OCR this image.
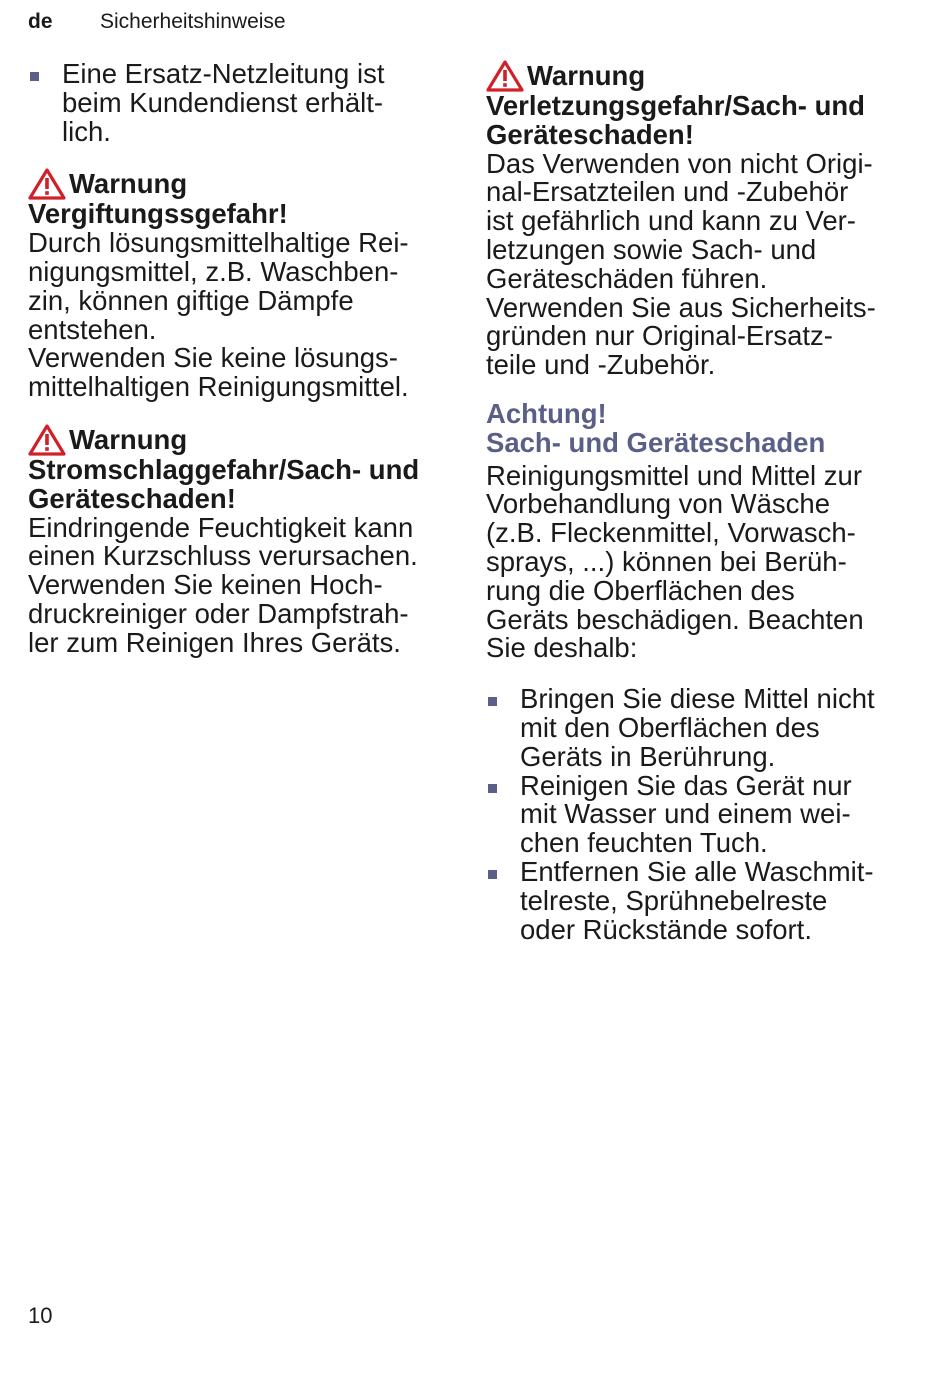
de	Sicherheitshinweise
Eine Ersatz-Netzleitung ist
beim Kundendienst erhält-
lich.
Warnung
Vergiftungssgefahr!
Durch lösungsmittelhaltige Rei-
nigungsmittel, z.B. Waschben-
zin, können giftige Dämpfe
entstehen.
Verwenden Sie keine lösungs-
mittelhaltigen Reinigungsmittel.
Warnung
Stromschlaggefahr/Sach- und
Geräteschaden!
Eindringende Feuchtigkeit kann
einen Kurzschluss verursachen.
Verwenden Sie keinen Hoch-
druckreiniger oder Dampfstrah-
ler zum Reinigen Ihres Geräts.
Warnung
Verletzungsgefahr/Sach- und
Geräteschaden!
Das Verwenden von nicht Origi-
nal-Ersatzteilen und -Zubehör
ist gefährlich und kann zu Ver-
letzungen sowie Sach- und
Geräteschäden führen.
Verwenden Sie aus Sicherheits-
gründen nur Original-Ersatz-
teile und -Zubehör.
Achtung!
Sach- und Geräteschaden
Reinigungsmittel und Mittel zur
Vorbehandlung von Wäsche
(z.B. Fleckenmittel, Vorwasch-
sprays, ...) können bei Berüh-
rung die Oberflächen des
Geräts beschädigen. Beachten
Sie deshalb:
Bringen Sie diese Mittel nicht
mit den Oberflächen des
Geräts in Berührung.
Reinigen Sie das Gerät nur
mit Wasser und einem wei-
chen feuchten Tuch.
Entfernen Sie alle Waschmit-
telreste, Sprühnebelreste
oder Rückstände sofort.
10
